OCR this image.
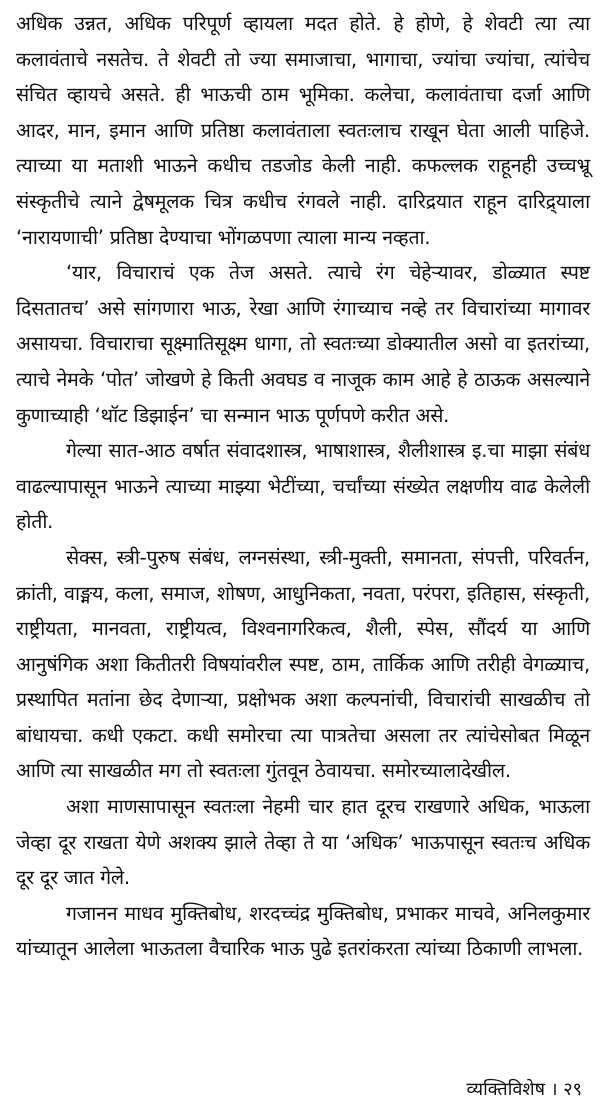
अधिक उन्नत, अधिक परिपूर्ण व्हायला मदत होते. हे होणे, हे शेवटी त्या त्या कलावंताचे नसतेच. ते शेवटी तो ज्या समाजाचा, भागाचा, ज्यांचा ज्यांचा, त्यांचेच संचित व्हायचे असते. ही भाऊची ठाम भूमिका. कलेचा, कलावंताचा दर्जा आणि आदर, मान, इमान आणि प्रतिष्ठा कलावंताला स्वतःलाच राखून घेता आली पाहिजे. त्याच्या या मताशी भाऊने कधीच तडजोड केली नाही. कफल्लक राहूनही उच्चभ्रू संस्कृतीचे त्याने द्वेषमूलक चित्र कधीच रंगवले नाही. दारिद्रयात राहून दारिद्र्याला ‘नारायणाची’ प्रतिष्ठा देण्याचा भोंगळपणा त्याला मान्य नव्हता.

‘यार, विचाराचं एक तेज असते. त्याचे रंग चेहेऱ्यावर, डोळ्यात स्पष्ट दिसतातच’ असे सांगणारा भाऊ, रेखा आणि रंगाच्याच नव्हे तर विचारांच्या मागावर असायचा. विचाराचा सूक्ष्मातिसूक्ष्म धागा, तो स्वतःच्या डोक्यातील असो वा इतरांच्या, त्याचे नेमके ‘पोत’ जोखणे हे किती अवघड व नाजूक काम आहे हे ठाऊक असल्याने कुणाच्याही ‘थॉट डिझाईन’ चा सन्मान भाऊ पूर्णपणे करीत असे.

गेल्या सात-आठ वर्षात संवादशास्त्र, भाषाशास्त्र, शैलीशास्त्र इ.चा माझा संबंध वाढल्यापासून भाऊने त्याच्या माझ्या भेटींच्या, चर्चांच्या संख्येत लक्षणीय वाढ केलेली होती.

सेक्स, स्त्री-पुरुष संबंध, लग्नसंस्था, स्त्री-मुक्ती, समानता, संपत्ती, परिवर्तन, क्रांती, वाङ्मय, कला, समाज, शोषण, आधुनिकता, नवता, परंपरा, इतिहास, संस्कृती, राष्ट्रीयता, मानवता, राष्ट्रीयत्व, विश्वनागरिकत्व, शैली, स्पेस, सौंदर्य या आणि आनुषंगिक अशा कितीतरी विषयांवरील स्पष्ट, ठाम, तार्किक आणि तरीही वेगळ्याच, प्रस्थापित मतांना छेद देणाऱ्या, प्रक्षोभक अशा कल्पनांची, विचारांची साखळीच तो बांधायचा. कधी एकटा. कधी समोरचा त्या पात्रतेचा असला तर त्यांचेसोबत मिळून आणि त्या साखळीत मग तो स्वतःला गुंतवून ठेवायचा. समोरच्यालादेखील.

अशा माणसापासून स्वतःला नेहमी चार हात दूरच राखणारे अधिक, भाऊला जेव्हा दूर राखता येणे अशक्य झाले तेव्हा ते या ‘अधिक’ भाऊपासून स्वतःच अधिक दूर दूर जात गेले.

गजानन माधव मुक्तिबोध, शरदच्चंद्र मुक्तिबोध, प्रभाकर माचवे, अनिलकुमार यांच्यातून आलेला भाऊतला वैचारिक भाऊ पुढे इतरांकरता त्यांच्या ठिकाणी लाभला.

व्यक्तिविशेष । २९
